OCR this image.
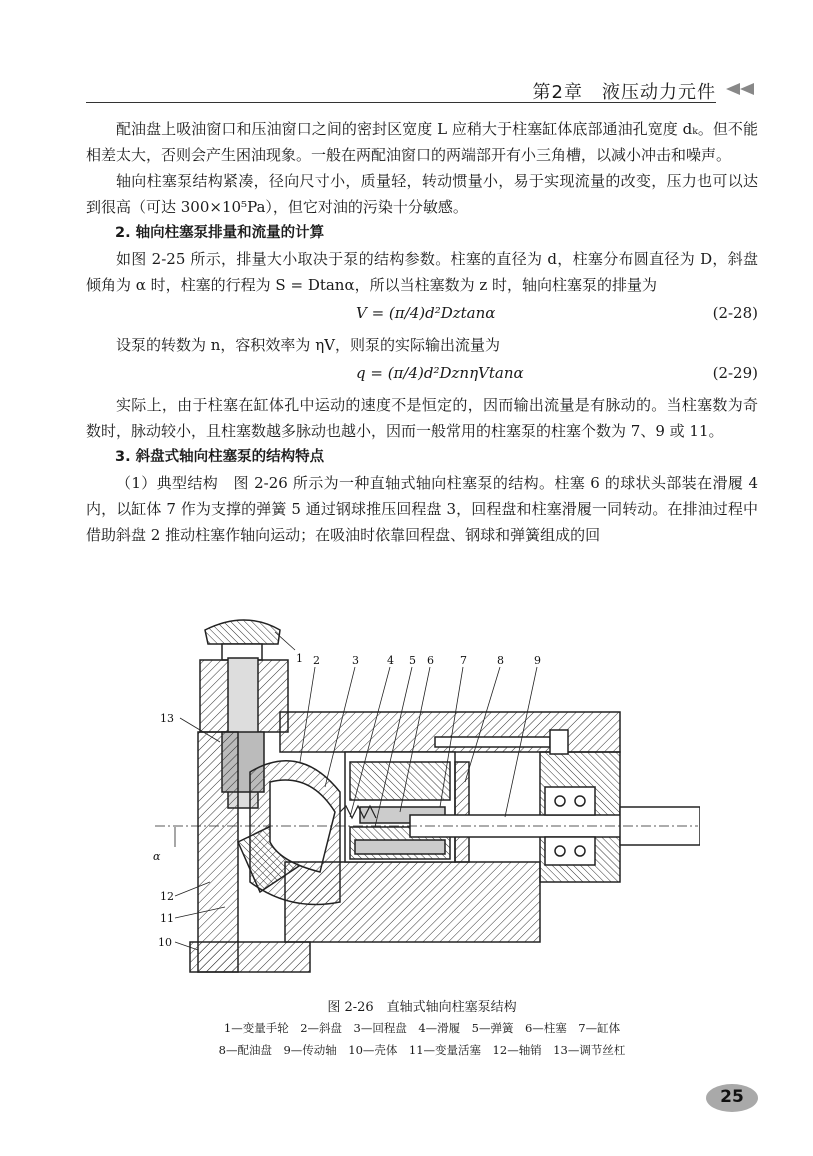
第2章　液压动力元件

配油盘上吸油窗口和压油窗口之间的密封区宽度 L 应稍大于柱塞缸体底部通油孔宽度 dₖ。但不能相差太大，否则会产生困油现象。一般在两配油窗口的两端部开有小三角槽，以减小冲击和噪声。

轴向柱塞泵结构紧凑，径向尺寸小，质量轻，转动惯量小，易于实现流量的改变，压力也可以达到很高（可达 300×10⁵Pa），但它对油的污染十分敏感。

2. 轴向柱塞泵排量和流量的计算

如图 2-25 所示，排量大小取决于泵的结构参数。柱塞的直径为 d，柱塞分布圆直径为 D，斜盘倾角为 α 时，柱塞的行程为 S = Dtanα，所以当柱塞数为 z 时，轴向柱塞泵的排量为

V = (π/4)d²Dztanα	(2-28)

设泵的转数为 n，容积效率为 ηV，则泵的实际输出流量为

q = (π/4)d²DznηVtanα	(2-29)

实际上，由于柱塞在缸体孔中运动的速度不是恒定的，因而输出流量是有脉动的。当柱塞数为奇数时，脉动较小，且柱塞数越多脉动也越小，因而一般常用的柱塞泵的柱塞个数为 7、9 或 11。

3. 斜盘式轴向柱塞泵的结构特点

（1）典型结构　图 2-26 所示为一种直轴式轴向柱塞泵的结构。柱塞 6 的球状头部装在滑履 4 内，以缸体 7 作为支撑的弹簧 5 通过钢球推压回程盘 3，回程盘和柱塞滑履一同转动。在排油过程中借助斜盘 2 推动柱塞作轴向运动；在吸油时依靠回程盘、钢球和弹簧组成的回

1 2	3	4 5 6 7	8	9
10
11
12
13
α
图 2-26　直轴式轴向柱塞泵结构
1—变量手轮　2—斜盘　3—回程盘　4—滑履　5—弹簧　6—柱塞　7—缸体
8—配油盘　9—传动轴　10—壳体　11—变量活塞　12—轴销　13—调节丝杠
25
